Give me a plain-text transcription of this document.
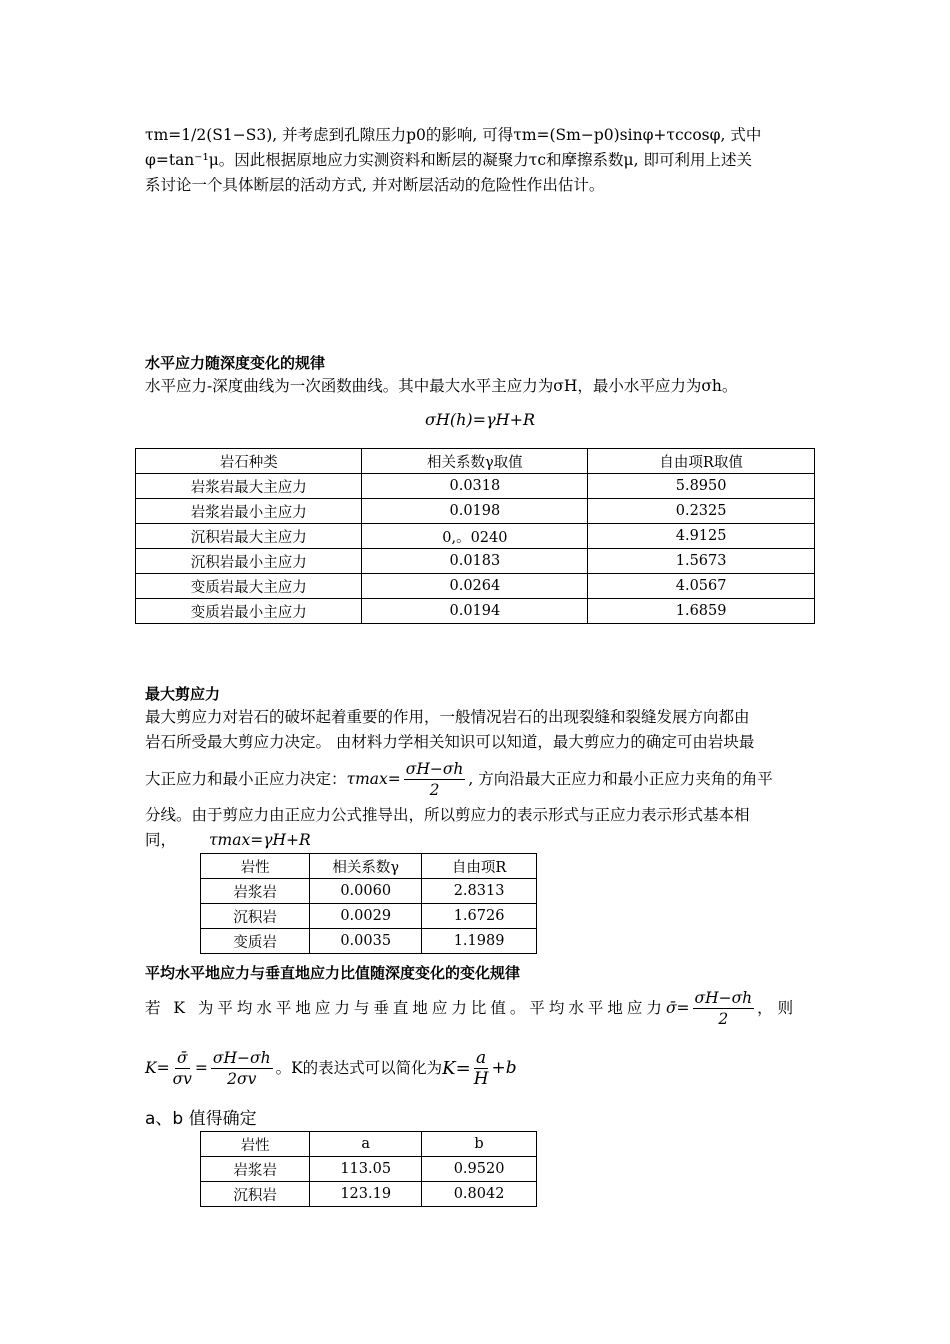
τm=1/2(S1−S3), 并考虑到孔隙压力p0的影响, 可得τm=(Sm−p0)sinφ+τccosφ, 式中
φ=tan⁻¹μ。因此根据原地应力实测资料和断层的凝聚力τc和摩擦系数μ, 即可利用上述关
系讨论一个具体断层的活动方式, 并对断层活动的危险性作出估计。
水平应力随深度变化的规律
水平应力-深度曲线为一次函数曲线。其中最大水平主应力为σH，最小水平应力为σh。
σH(h)=γH+R
岩石种类	相关系数γ取值	自由项R取值
岩浆岩最大主应力	0.0318	5.8950
岩浆岩最小主应力	0.0198	0.2325
沉积岩最大主应力	0,。0240	4.9125
沉积岩最小主应力	0.0183	1.5673
变质岩最大主应力	0.0264	4.0567
变质岩最小主应力	0.0194	1.6859
最大剪应力
最大剪应力对岩石的破坏起着重要的作用，一般情况岩石的出现裂缝和裂缝发展方向都由
岩石所受最大剪应力决定。 由材料力学相关知识可以知道，最大剪应力的确定可由岩块最
大正应力和最小正应力决定： $\tau\max= \frac{\sigma H-\sigma h}{2}$ , 方向沿最大正应力和最小正应力夹角的角平
分线。由于剪应力由正应力公式推导出，所以剪应力的表示形式与正应力表示形式基本相
同， τmax=γH+R
岩性	相关系数γ	自由项R
岩浆岩	0.0060	2.8313
沉积岩	0.0029	1.6726
变质岩	0.0035	1.1989
平均水平地应力与垂直地应力比值随深度变化的变化规律
若 K 为平均水平地应力与垂直地应力比值。平均水平地应力 σ̄= $\frac{\sigma H-\sigma h}{2}$ ， 则
$K= \frac{\sigmā}{\sigma v} = \frac{\sigma H-\sigma h}{2\sigma v}$ 。K的表达式可以简化为 $K= \frac{a}{H} +b$
a、b 值得确定
岩性	a	b
岩浆岩	113.05	0.9520
沉积岩	123.19	0.8042
